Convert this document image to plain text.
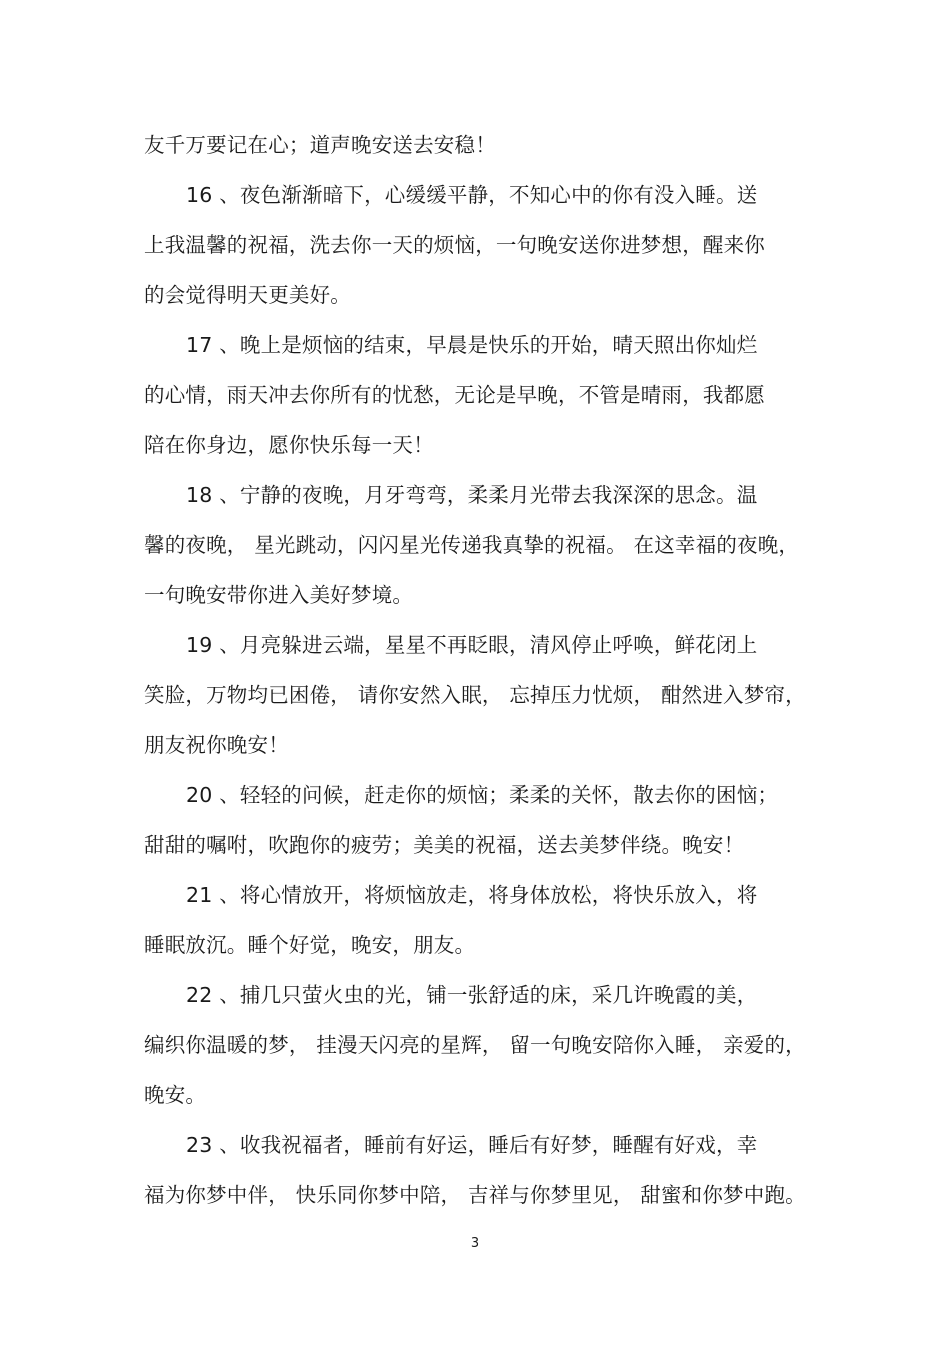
友千万要记在心；道声晚安送去安稳！
16 、夜色渐渐暗下，心缓缓平静，不知心中的你有没入睡。送
上我温馨的祝福，洗去你一天的烦恼，一句晚安送你进梦想，醒来你
的会觉得明天更美好。
17 、晚上是烦恼的结束，早晨是快乐的开始，晴天照出你灿烂
的心情，雨天冲去你所有的忧愁，无论是早晚，不管是晴雨，我都愿
陪在你身边，愿你快乐每一天！
18 、宁静的夜晚，月牙弯弯，柔柔月光带去我深深的思念。温
馨的夜晚， 星光跳动，闪闪星光传递我真挚的祝福。 在这幸福的夜晚，
一句晚安带你进入美好梦境。
19 、月亮躲进云端，星星不再眨眼，清风停止呼唤，鲜花闭上
笑脸，万物均已困倦， 请你安然入眠， 忘掉压力忧烦， 酣然进入梦帘，
朋友祝你晚安！
20 、轻轻的问候，赶走你的烦恼；柔柔的关怀，散去你的困恼；
甜甜的嘱咐，吹跑你的疲劳；美美的祝福，送去美梦伴绕。晚安！
21 、将心情放开，将烦恼放走，将身体放松，将快乐放入，将
睡眠放沉。睡个好觉，晚安，朋友。
22 、捕几只萤火虫的光，铺一张舒适的床，采几许晚霞的美，
编织你温暖的梦， 挂漫天闪亮的星辉， 留一句晚安陪你入睡， 亲爱的，
晚安。
23 、收我祝福者，睡前有好运，睡后有好梦，睡醒有好戏，幸
福为你梦中伴， 快乐同你梦中陪， 吉祥与你梦里见， 甜蜜和你梦中跑。
3
